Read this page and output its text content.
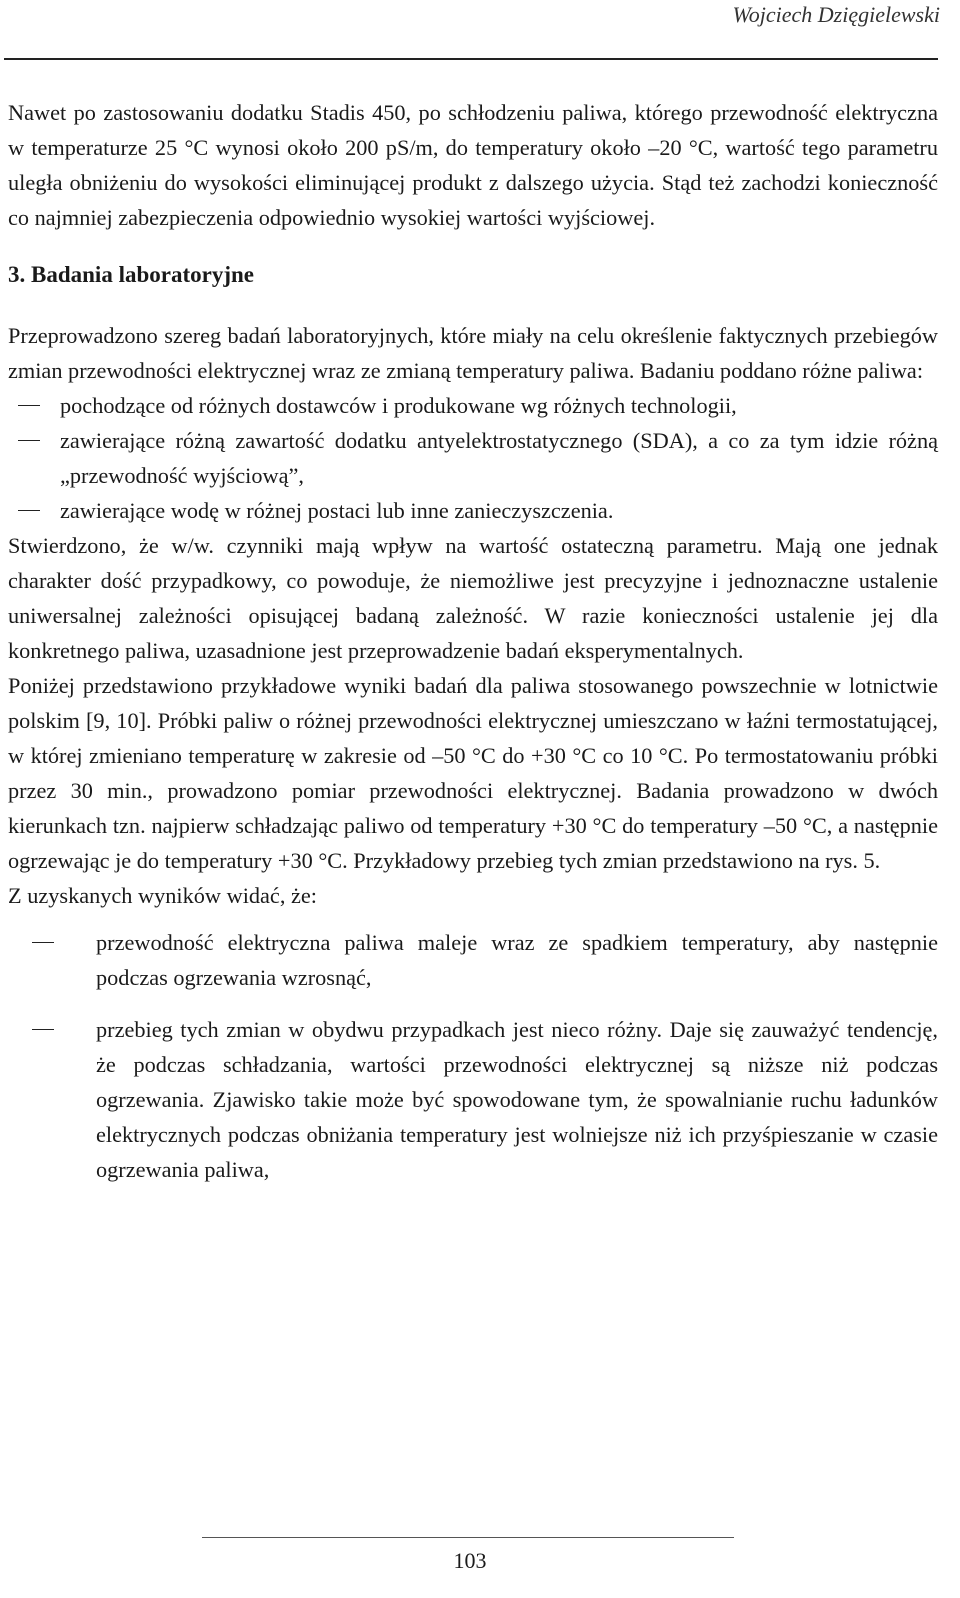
Wojciech Dzięgielewski

Nawet po zastosowaniu dodatku Stadis 450, po schłodzeniu paliwa, którego przewodność elektryczna w temperaturze 25 °C wynosi około 200 pS/m, do temperatury około –20 °C, wartość tego parametru uległa obniżeniu do wysokości eliminującej produkt z dalszego użycia. Stąd też zachodzi konieczność co najmniej zabezpieczenia odpowiednio wysokiej wartości wyjściowej.

3. Badania laboratoryjne

Przeprowadzono szereg badań laboratoryjnych, które miały na celu określenie faktycznych przebiegów zmian przewodności elektrycznej wraz ze zmianą temperatury paliwa. Badaniu poddano różne paliwa:

pochodzące od różnych dostawców i produkowane wg różnych technologii,
zawierające różną zawartość dodatku antyelektrostatycznego (SDA), a co za tym idzie różną „przewodność wyjściową”,
zawierające wodę w różnej postaci lub inne zanieczyszczenia.

Stwierdzono, że w/w. czynniki mają wpływ na wartość ostateczną parametru. Mają one jednak charakter dość przypadkowy, co powoduje, że niemożliwe jest precyzyjne i jednoznaczne ustalenie uniwersalnej zależności opisującej badaną zależność. W razie konieczności ustalenie jej dla konkretnego paliwa, uzasadnione jest przeprowadzenie badań eksperymentalnych.

Poniżej przedstawiono przykładowe wyniki badań dla paliwa stosowanego powszechnie w lotnictwie polskim [9, 10]. Próbki paliw o różnej przewodności elektrycznej umieszczano w łaźni termostatującej, w której zmieniano temperaturę w zakresie od –50 °C do +30 °C co 10 °C. Po termostatowaniu próbki przez 30 min., prowadzono pomiar przewodności elektrycznej. Badania prowadzono w dwóch kierunkach tzn. najpierw schładzając paliwo od temperatury +30 °C do temperatury –50 °C, a następnie ogrzewając je do temperatury +30 °C. Przykładowy przebieg tych zmian przedstawiono na rys. 5.

Z uzyskanych wyników widać, że:

przewodność elektryczna paliwa maleje wraz ze spadkiem temperatury, aby następnie podczas ogrzewania wzrosnąć,
przebieg tych zmian w obydwu przypadkach jest nieco różny. Daje się zauważyć tendencję, że podczas schładzania, wartości przewodności elektrycznej są niższe niż podczas ogrzewania. Zjawisko takie może być spowodowane tym, że spowalnianie ruchu ładunków elektrycznych podczas obniżania temperatury jest wolniejsze niż ich przyśpieszanie w czasie ogrzewania paliwa,
103
